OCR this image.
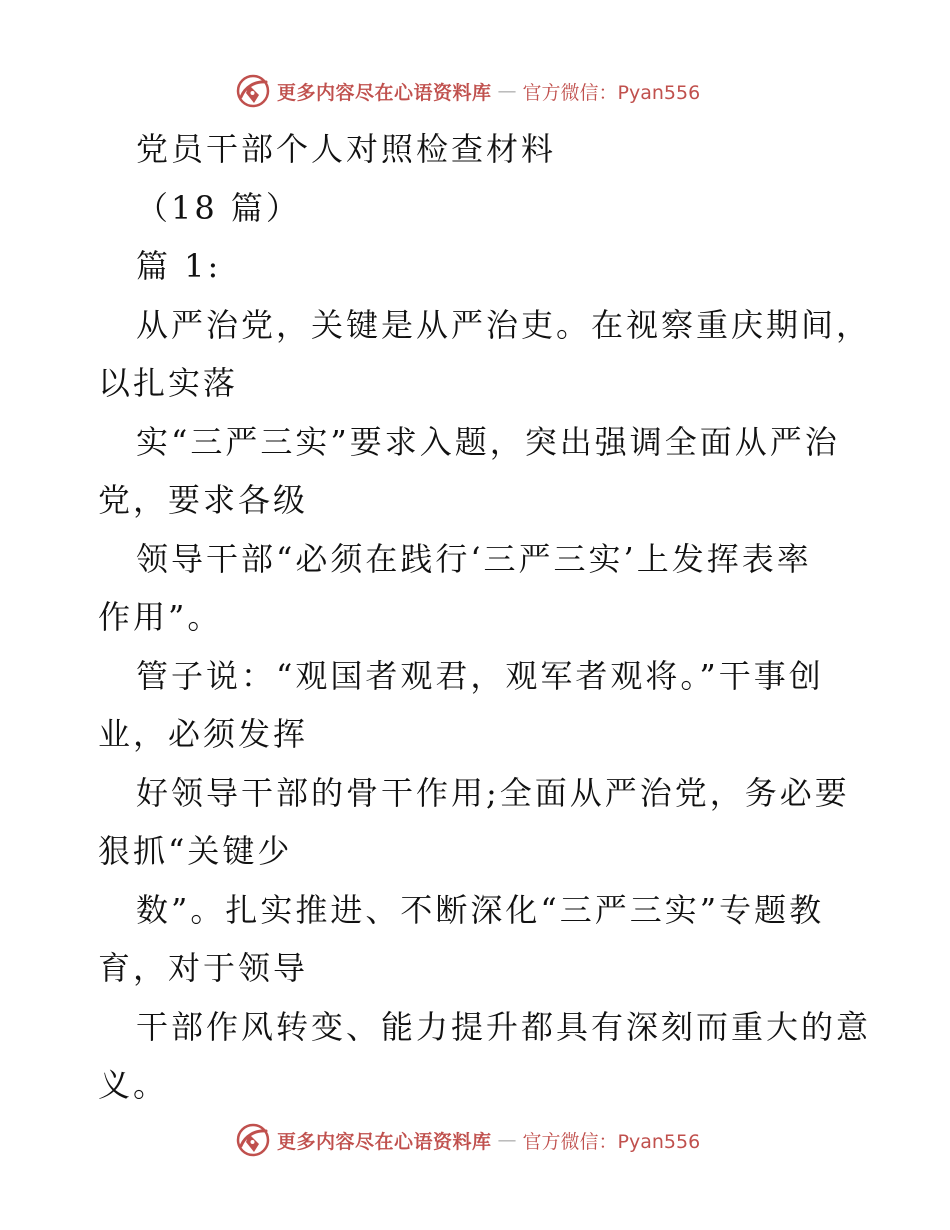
更多内容尽在心语资料库 — 官方微信：Pyan556
党员干部个人对照检查材料
（18 篇）
篇 1:
从严治党，关键是从严治吏。在视察重庆期间，
以扎实落
实“三严三实”要求入题，突出强调全面从严治
党，要求各级
领导干部“必须在践行‘三严三实’上发挥表率
作用”。
管子说：“观国者观君，观军者观将。”干事创
业，必须发挥
好领导干部的骨干作用;全面从严治党，务必要
狠抓“关键少
数”。扎实推进、不断深化“三严三实”专题教
育，对于领导
干部作风转变、能力提升都具有深刻而重大的意
义。
更多内容尽在心语资料库 — 官方微信：Pyan556
